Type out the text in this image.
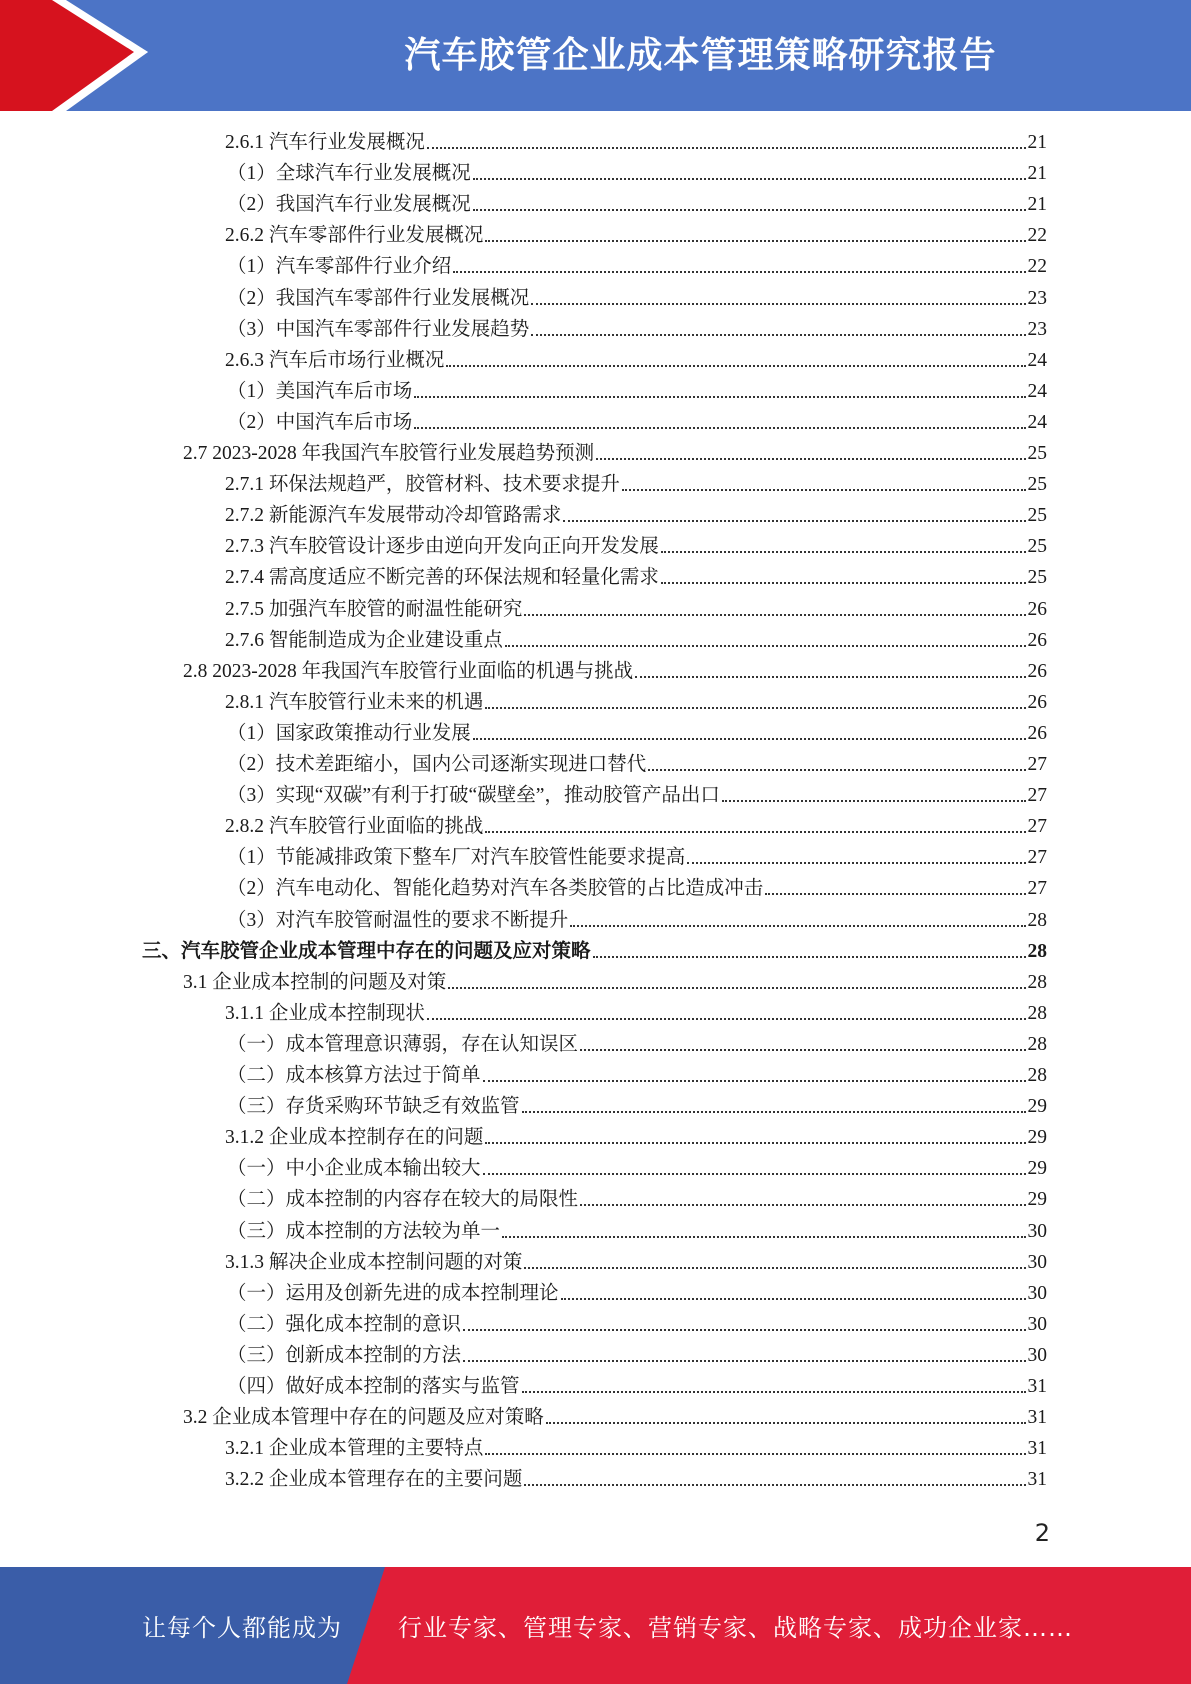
汽车胶管企业成本管理策略研究报告
2.6.1 汽车行业发展概况	21
（1）全球汽车行业发展概况	21
（2）我国汽车行业发展概况	21
2.6.2 汽车零部件行业发展概况	22
（1）汽车零部件行业介绍	22
（2）我国汽车零部件行业发展概况	23
（3）中国汽车零部件行业发展趋势	23
2.6.3 汽车后市场行业概况	24
（1）美国汽车后市场	24
（2）中国汽车后市场	24
2.7 2023-2028 年我国汽车胶管行业发展趋势预测	25
2.7.1 环保法规趋严，胶管材料、技术要求提升	25
2.7.2 新能源汽车发展带动冷却管路需求	25
2.7.3 汽车胶管设计逐步由逆向开发向正向开发发展	25
2.7.4 需高度适应不断完善的环保法规和轻量化需求	25
2.7.5 加强汽车胶管的耐温性能研究	26
2.7.6 智能制造成为企业建设重点	26
2.8 2023-2028 年我国汽车胶管行业面临的机遇与挑战	26
2.8.1 汽车胶管行业未来的机遇	26
（1）国家政策推动行业发展	26
（2）技术差距缩小，国内公司逐渐实现进口替代	27
（3）实现“双碳”有利于打破“碳壁垒”，推动胶管产品出口	27
2.8.2 汽车胶管行业面临的挑战	27
（1）节能减排政策下整车厂对汽车胶管性能要求提高	27
（2）汽车电动化、智能化趋势对汽车各类胶管的占比造成冲击	27
（3）对汽车胶管耐温性的要求不断提升	28
三、汽车胶管企业成本管理中存在的问题及应对策略	28
3.1 企业成本控制的问题及对策	28
3.1.1 企业成本控制现状	28
（一）成本管理意识薄弱，存在认知误区	28
（二）成本核算方法过于简单	28
（三）存货采购环节缺乏有效监管	29
3.1.2 企业成本控制存在的问题	29
（一）中小企业成本输出较大	29
（二）成本控制的内容存在较大的局限性	29
（三）成本控制的方法较为单一	30
3.1.3 解决企业成本控制问题的对策	30
（一）运用及创新先进的成本控制理论	30
（二）强化成本控制的意识	30
（三）创新成本控制的方法	30
（四）做好成本控制的落实与监管	31
3.2 企业成本管理中存在的问题及应对策略	31
3.2.1 企业成本管理的主要特点	31
3.2.2 企业成本管理存在的主要问题	31
2
让每个人都能成为 行业专家、管理专家、营销专家、战略专家、成功企业家……
